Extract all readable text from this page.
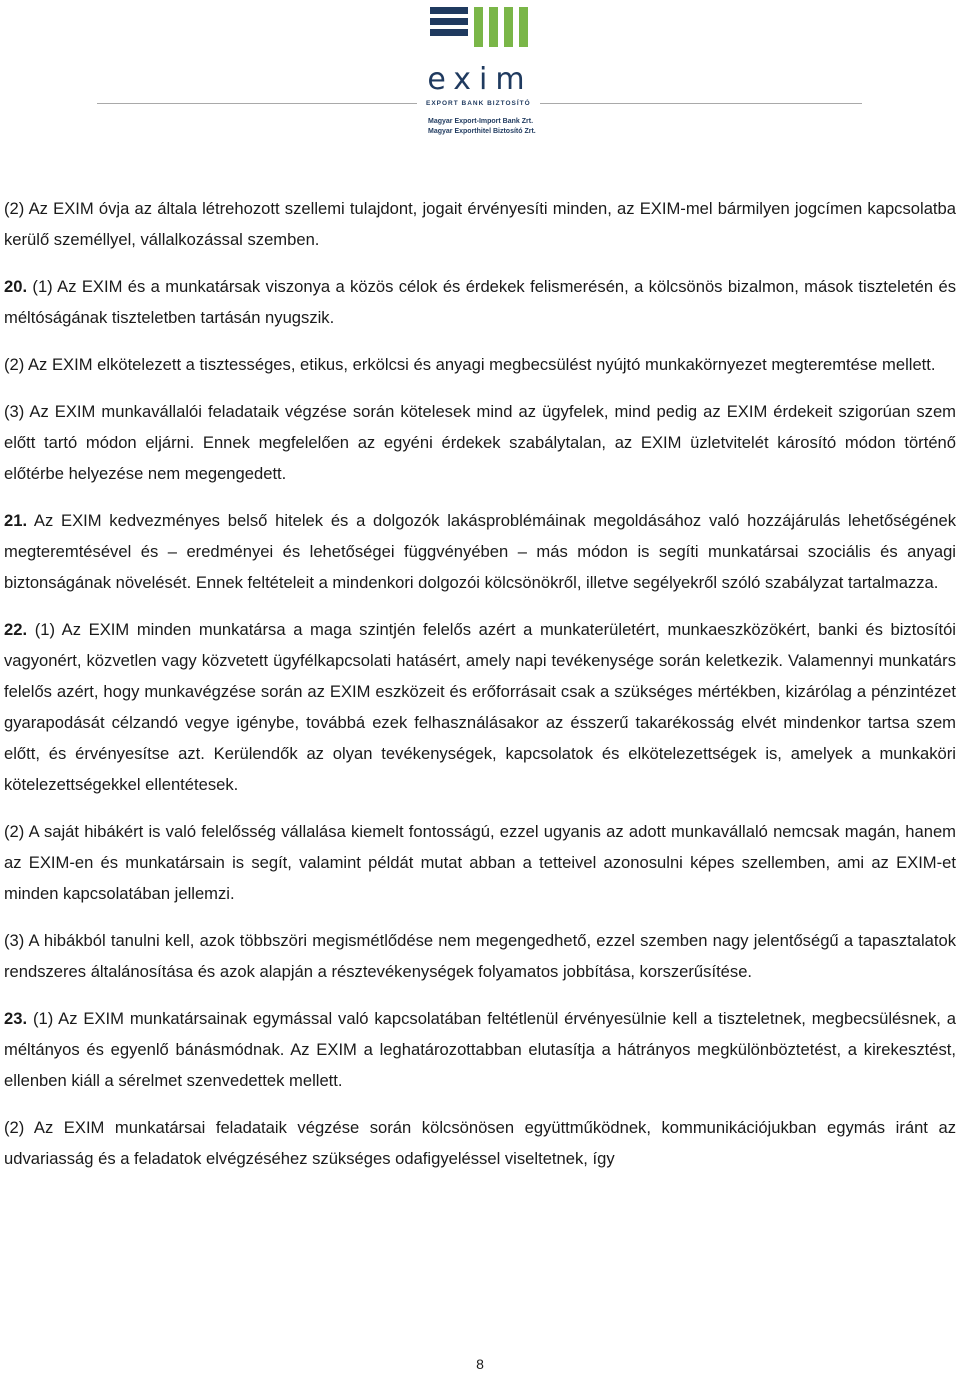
exim
EXPORT BANK BIZTOSÍTÓ
Magyar Export-Import Bank Zrt.
Magyar Exporthitel Biztosító Zrt.

(2) Az EXIM óvja az általa létrehozott szellemi tulajdont, jogait érvényesíti minden, az EXIM-mel bármilyen jogcímen kapcsolatba kerülő személlyel, vállalkozással szemben.

20. (1) Az EXIM és a munkatársak viszonya a közös célok és érdekek felismerésén, a kölcsönös bizalmon, mások tiszteletén és méltóságának tiszteletben tartásán nyugszik.

(2) Az EXIM elkötelezett a tisztességes, etikus, erkölcsi és anyagi megbecsülést nyújtó munkakörnyezet megteremtése mellett.

(3) Az EXIM munkavállalói feladataik végzése során kötelesek mind az ügyfelek, mind pedig az EXIM érdekeit szigorúan szem előtt tartó módon eljárni. Ennek megfelelően az egyéni érdekek szabálytalan, az EXIM üzletvitelét károsító módon történő előtérbe helyezése nem megengedett.

21. Az EXIM kedvezményes belső hitelek és a dolgozók lakásproblémáinak megoldásához való hozzájárulás lehetőségének megteremtésével és – eredményei és lehetőségei függvényében – más módon is segíti munkatársai szociális és anyagi biztonságának növelését. Ennek feltételeit a mindenkori dolgozói kölcsönökről, illetve segélyekről szóló szabályzat tartalmazza.

22. (1) Az EXIM minden munkatársa a maga szintjén felelős azért a munkaterületért, munkaeszközökért, banki és biztosítói vagyonért, közvetlen vagy közvetett ügyfélkapcsolati hatásért, amely napi tevékenysége során keletkezik. Valamennyi munkatárs felelős azért, hogy munkavégzése során az EXIM eszközeit és erőforrásait csak a szükséges mértékben, kizárólag a pénzintézet gyarapodását célzandó vegye igénybe, továbbá ezek felhasználásakor az ésszerű takarékosság elvét mindenkor tartsa szem előtt, és érvényesítse azt. Kerülendők az olyan tevékenységek, kapcsolatok és elkötelezettségek is, amelyek a munkaköri kötelezettségekkel ellentétesek.

(2) A saját hibákért is való felelősség vállalása kiemelt fontosságú, ezzel ugyanis az adott munkavállaló nemcsak magán, hanem az EXIM-en és munkatársain is segít, valamint példát mutat abban a tetteivel azonosulni képes szellemben, ami az EXIM-et minden kapcsolatában jellemzi.

(3) A hibákból tanulni kell, azok többszöri megismétlődése nem megengedhető, ezzel szemben nagy jelentőségű a tapasztalatok rendszeres általánosítása és azok alapján a résztevékenységek folyamatos jobbítása, korszerűsítése.

23. (1) Az EXIM munkatársainak egymással való kapcsolatában feltétlenül érvényesülnie kell a tiszteletnek, megbecsülésnek, a méltányos és egyenlő bánásmódnak. Az EXIM a leghatározottabban elutasítja a hátrányos megkülönböztetést, a kirekesztést, ellenben kiáll a sérelmet szenvedettek mellett.

(2) Az EXIM munkatársai feladataik végzése során kölcsönösen együttműködnek, kommunikációjukban egymás iránt az udvariasság és a feladatok elvégzéséhez szükséges odafigyeléssel viseltetnek, így

8
